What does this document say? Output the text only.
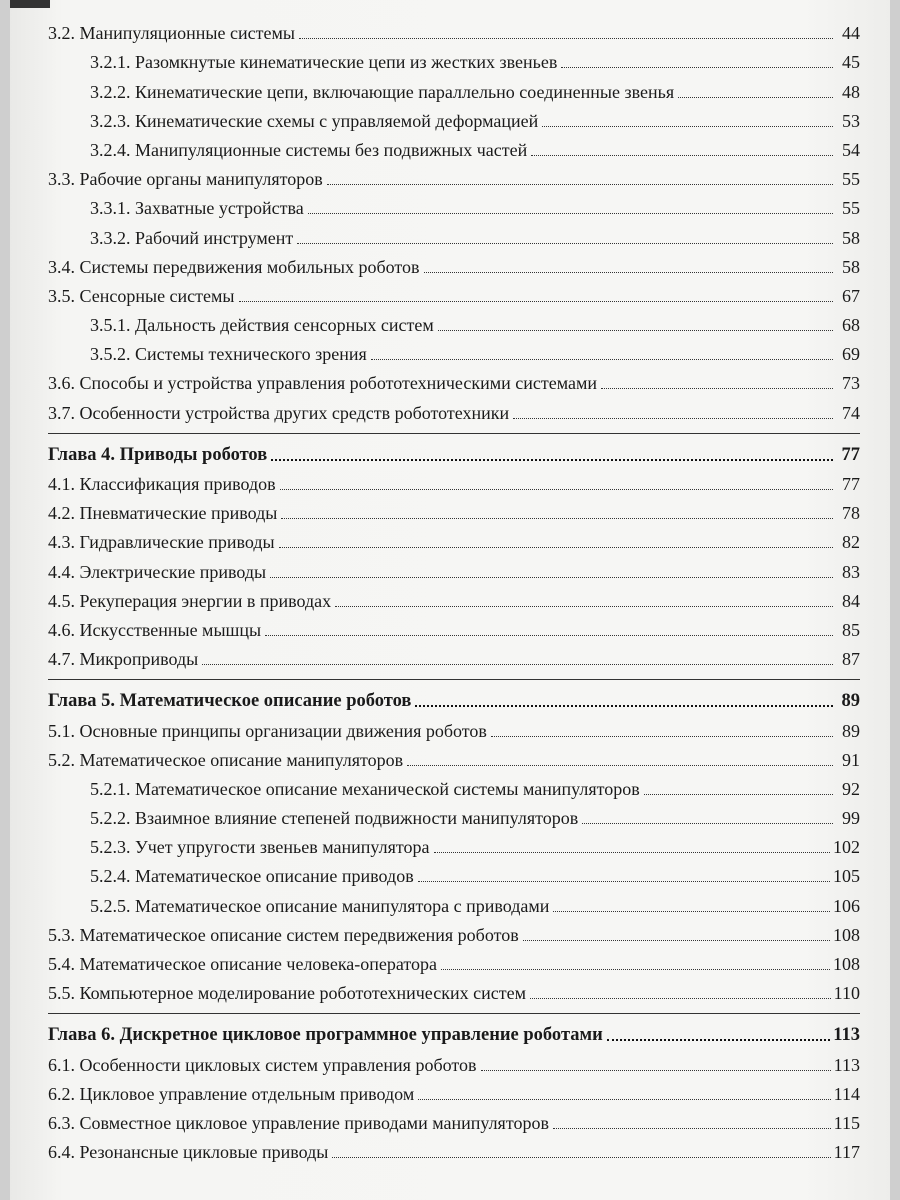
3.2. Манипуляционные системы	44
3.2.1. Разомкнутые кинематические цепи из жестких звеньев	45
3.2.2. Кинематические цепи, включающие параллельно соединенные звенья	48
3.2.3. Кинематические схемы с управляемой деформацией	53
3.2.4. Манипуляционные системы без подвижных частей	54
3.3. Рабочие органы манипуляторов	55
3.3.1. Захватные устройства	55
3.3.2. Рабочий инструмент	58
3.4. Системы передвижения мобильных роботов	58
3.5. Сенсорные системы	67
3.5.1. Дальность действия сенсорных систем	68
3.5.2. Системы технического зрения	69
3.6. Способы и устройства управления робототехническими системами	73
3.7. Особенности устройства других средств робототехники	74
Глава 4. Приводы роботов	77
4.1. Классификация приводов	77
4.2. Пневматические приводы	78
4.3. Гидравлические приводы	82
4.4. Электрические приводы	83
4.5. Рекуперация энергии в приводах	84
4.6. Искусственные мышцы	85
4.7. Микроприводы	87
Глава 5. Математическое описание роботов	89
5.1. Основные принципы организации движения роботов	89
5.2. Математическое описание манипуляторов	91
5.2.1. Математическое описание механической системы манипуляторов	92
5.2.2. Взаимное влияние степеней подвижности манипуляторов	99
5.2.3. Учет упругости звеньев манипулятора	102
5.2.4. Математическое описание приводов	105
5.2.5. Математическое описание манипулятора с приводами	106
5.3. Математическое описание систем передвижения роботов	108
5.4. Математическое описание человека-оператора	108
5.5. Компьютерное моделирование робототехнических систем	110
Глава 6. Дискретное цикловое программное управление роботами	113
6.1. Особенности цикловых систем управления роботов	113
6.2. Цикловое управление отдельным приводом	114
6.3. Совместное цикловое управление приводами манипуляторов	115
6.4. Резонансные цикловые приводы	117
